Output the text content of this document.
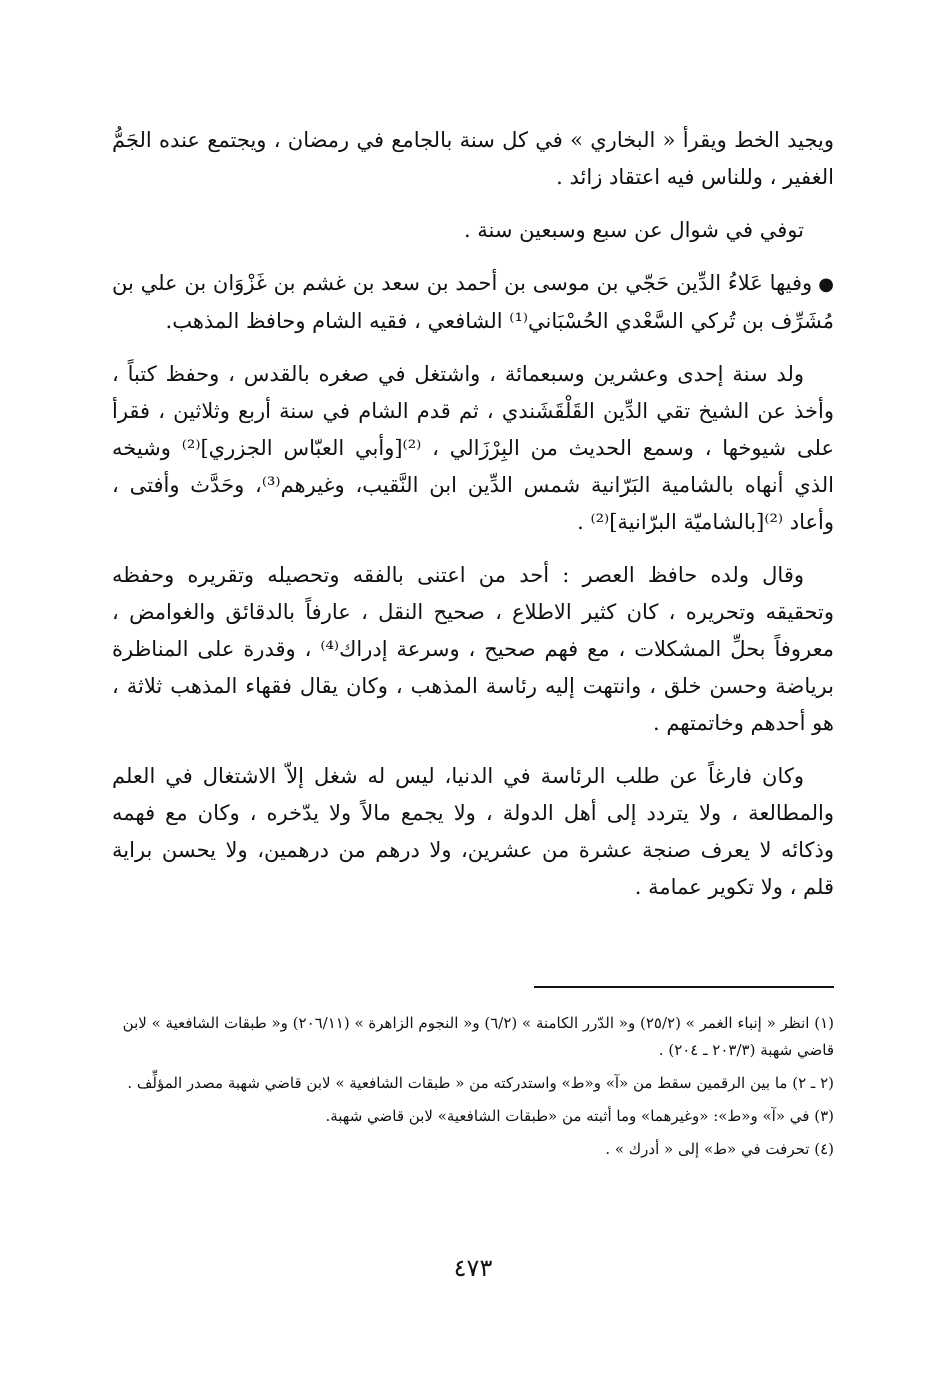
ويجيد الخط ويقرأ « البخاري » في كل سنة بالجامع في رمضان ، ويجتمع عنده الجَمُّ الغفير ، وللناس فيه اعتقاد زائد .

توفي في شوال عن سبع وسبعين سنة .

●وفيها عَلاءُ الدِّين حَجّي بن موسى بن أحمد بن سعد بن غشم بن غَزْوَان بن علي بن مُشَرِّف بن تُركي السَّعْدي الحُسْبَاني⁽¹⁾ الشافعي ، فقيه الشام وحافظ المذهب.

ولد سنة إحدى وعشرين وسبعمائة ، واشتغل في صغره بالقدس ، وحفظ كتباً ، وأخذ عن الشيخ تقي الدِّين القَلْقَشَندي ، ثم قدم الشام في سنة أربع وثلاثين ، فقرأ على شيوخها ، وسمع الحديث من البِرْزَالي ، ⁽²⁾[وأبي العبّاس الجزري]⁽²⁾ وشيخه الذي أنهاه بالشامية البَرّانية شمس الدِّين ابن النَّقيب، وغيرهم⁽³⁾، وحَدَّث وأفتى ، وأعاد ⁽²⁾[بالشاميّة البرّانية]⁽²⁾ .

وقال ولده حافظ العصر : أحد من اعتنى بالفقه وتحصيله وتقريره وحفظه وتحقيقه وتحريره ، كان كثير الاطلاع ، صحيح النقل ، عارفاً بالدقائق والغوامض ، معروفاً بحلِّ المشكلات ، مع فهم صحيح ، وسرعة إدراك⁽⁴⁾ ، وقدرة على المناظرة برياضة وحسن خلق ، وانتهت إليه رئاسة المذهب ، وكان يقال فقهاء المذهب ثلاثة ، هو أحدهم وخاتمتهم .

وكان فارغاً عن طلب الرئاسة في الدنيا، ليس له شغل إلاّ الاشتغال في العلم والمطالعة ، ولا يتردد إلى أهل الدولة ، ولا يجمع مالاً ولا يدّخره ، وكان مع فهمه وذكائه لا يعرف صنجة عشرة من عشرين، ولا درهم من درهمين، ولا يحسن براية قلم ، ولا تكوير عمامة .

(١) انظر « إنباء الغمر » (٢٥/٢) و« الدّرر الكامنة » (٦/٢) و« النجوم الزاهرة » (٢٠٦/١١) و« طبقات الشافعية » لابن قاضي شهبة (٢٠٣/٣ ـ ٢٠٤) .

(٢ ـ ٢) ما بين الرقمين سقط من «آ» و«ط» واستدركته من « طبقات الشافعية » لابن قاضي شهبة مصدر المؤلِّف .

(٣) في «آ» و«ط»: «وغيرهما» وما أثبته من «طبقات الشافعية» لابن قاضي شهبة.

(٤) تحرفت في «ط» إلى « أدرك » .

٤٧٣
